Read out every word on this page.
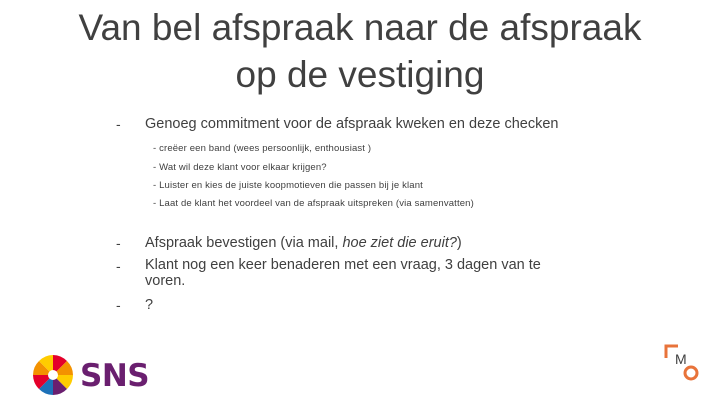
Van bel afspraak naar de afspraak
op de vestiging
- Genoeg commitment voor de afspraak kweken en deze checken
- creëer een band (wees persoonlijk, enthousiast )
- Wat wil deze klant voor elkaar krijgen?
- Luister en kies de juiste koopmotieven die passen bij je klant
- Laat de klant het voordeel van de afspraak uitspreken (via samenvatten)
- Afspraak bevestigen (via mail, hoe ziet die eruit?)
- Klant nog een keer benaderen met een vraag, 3 dagen van te voren.
- ?
SNS	M
